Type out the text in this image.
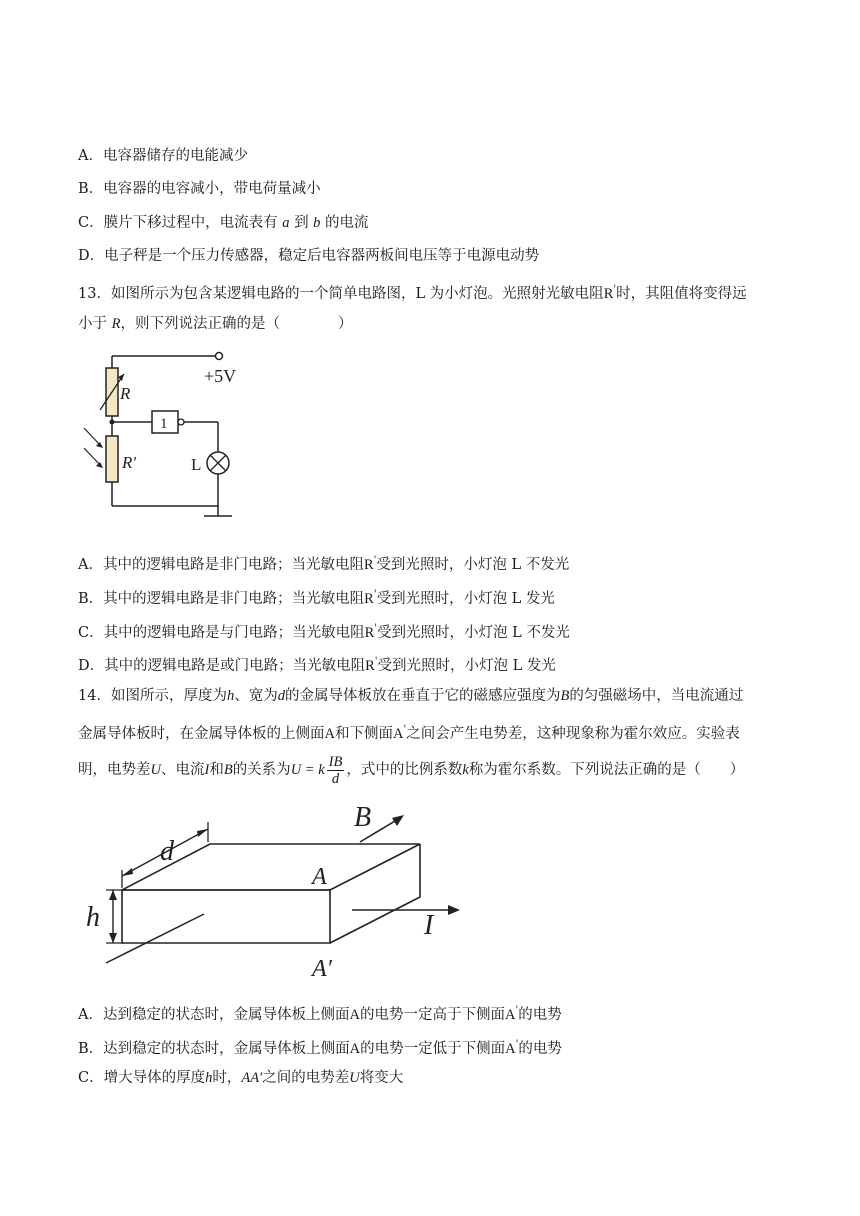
A．电容器储存的电能减少
B．电容器的电容减小，带电荷量减小
C．膜片下移过程中，电流表有 a 到 b 的电流
D．电子秤是一个压力传感器，稳定后电容器两板间电压等于电源电动势
13．如图所示为包含某逻辑电路的一个简单电路图，L 为小灯泡。光照射光敏电阻R'时，其阻值将变得远
小于 R，则下列说法正确的是（　　　　）
+5V
R
R′
1
L
A．其中的逻辑电路是非门电路；当光敏电阻R'受到光照时，小灯泡 L 不发光
B．其中的逻辑电路是非门电路；当光敏电阻R'受到光照时，小灯泡 L 发光
C．其中的逻辑电路是与门电路；当光敏电阻R'受到光照时，小灯泡 L 不发光
D．其中的逻辑电路是或门电路；当光敏电阻R'受到光照时，小灯泡 L 发光
14．如图所示，厚度为h、宽为d的金属导体板放在垂直于它的磁感应强度为B的匀强磁场中，当电流通过
金属导体板时，在金属导体板的上侧面A和下侧面A'之间会产生电势差，这种现象称为霍尔效应。实验表
明，电势差U、电流I和B的关系为U = k $\frac{IB}{d}$ ，式中的比例系数k称为霍尔系数。下列说法正确的是（　　）
d
B
A
h	I
A′
A．达到稳定的状态时，金属导体板上侧面A的电势一定高于下侧面A'的电势
B．达到稳定的状态时，金属导体板上侧面A的电势一定低于下侧面A'的电势
C．增大导体的厚度h时，AA′之间的电势差U将变大
